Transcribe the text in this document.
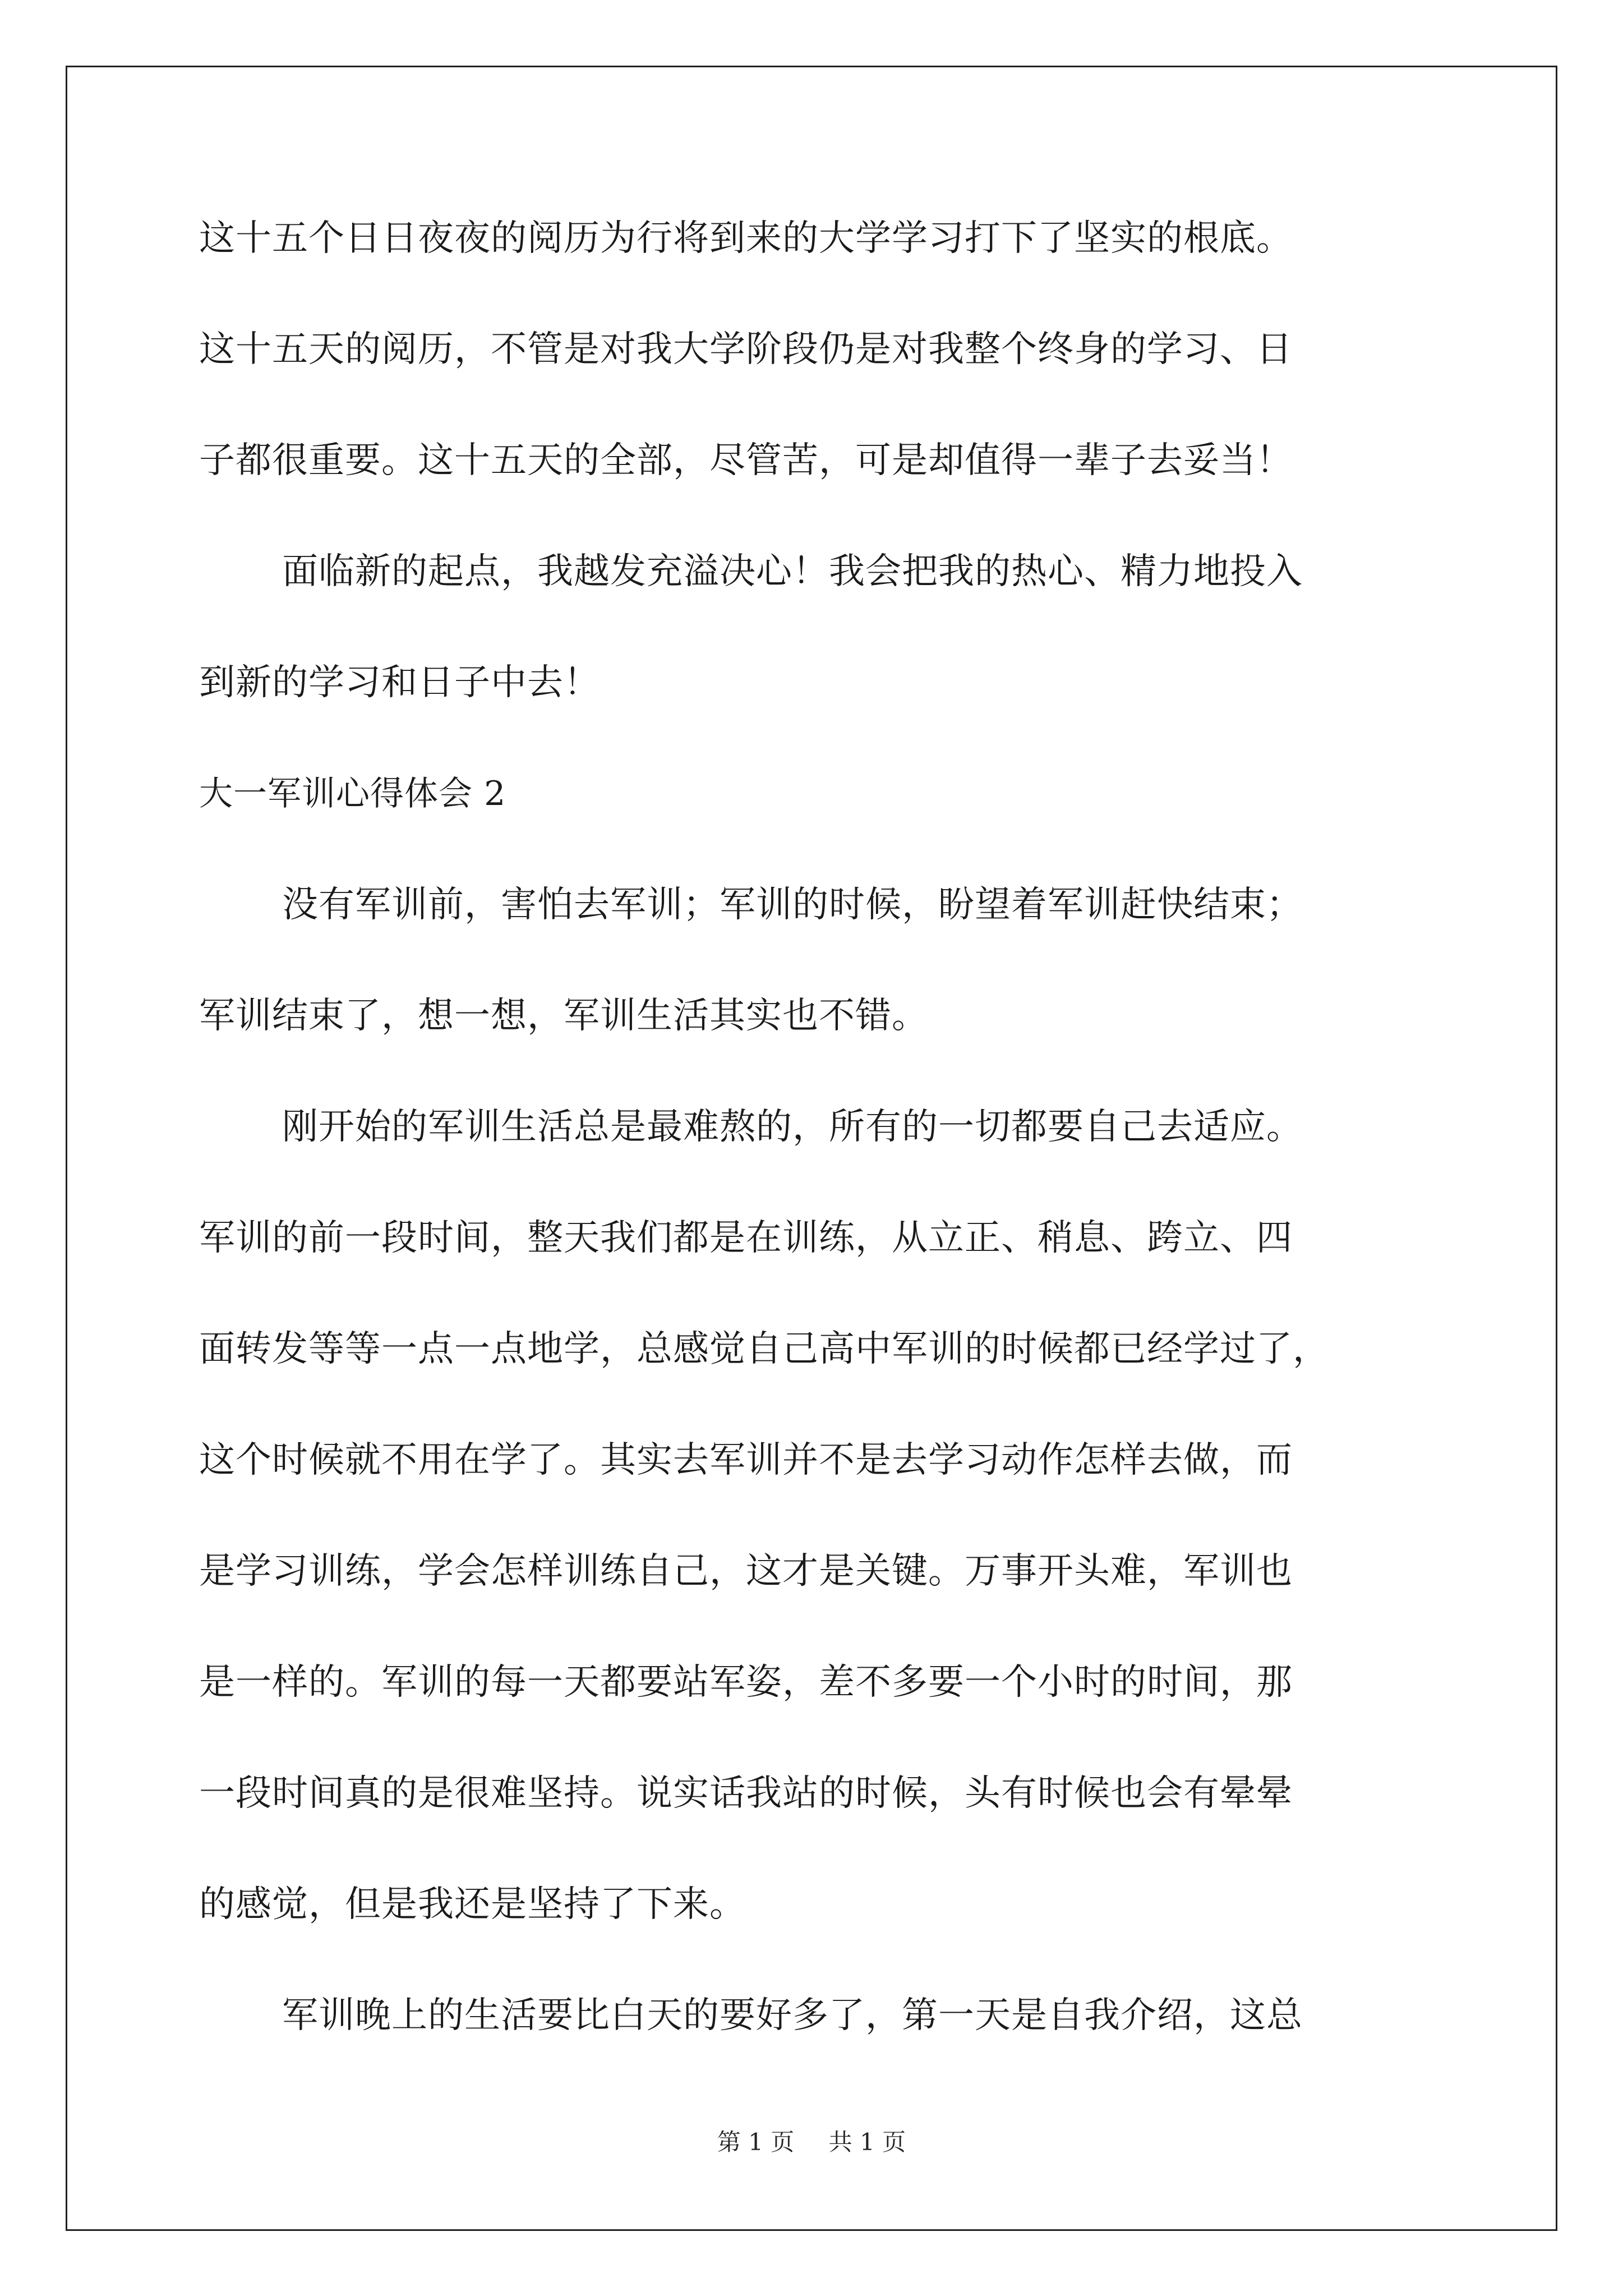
这十五个日日夜夜的阅历为行将到来的大学学习打下了坚实的根底。
这十五天的阅历，不管是对我大学阶段仍是对我整个终身的学习、日
子都很重要。这十五天的全部，尽管苦，可是却值得一辈子去妥当！
面临新的起点，我越发充溢决心！我会把我的热心、精力地投入
到新的学习和日子中去！
大一军训心得体会 2
没有军训前，害怕去军训；军训的时候，盼望着军训赶快结束；
军训结束了，想一想，军训生活其实也不错。
刚开始的军训生活总是最难熬的，所有的一切都要自己去适应。
军训的前一段时间，整天我们都是在训练，从立正、稍息、跨立、四
面转发等等一点一点地学，总感觉自己高中军训的时候都已经学过了，
这个时候就不用在学了。其实去军训并不是去学习动作怎样去做，而
是学习训练，学会怎样训练自己，这才是关键。万事开头难，军训也
是一样的。军训的每一天都要站军姿，差不多要一个小时的时间，那
一段时间真的是很难坚持。说实话我站的时候，头有时候也会有晕晕
的感觉，但是我还是坚持了下来。
军训晚上的生活要比白天的要好多了，第一天是自我介绍，这总
第 1 页 共 1 页
